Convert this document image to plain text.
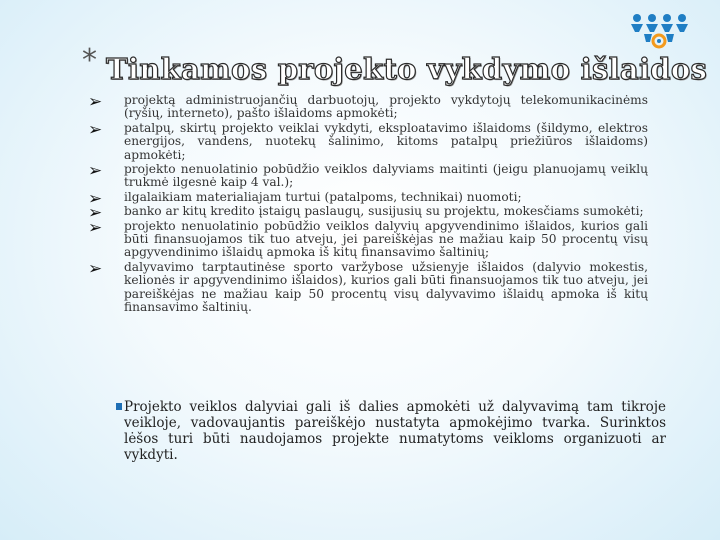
* Tinkamos projekto vykdymo išlaidos
➢ projektą administruojančių darbuotojų, projekto vykdytojų telekomunikacinėms (ryšių, interneto), pašto išlaidoms apmokėti;
➢ patalpų, skirtų projekto veiklai vykdyti, eksploatavimo išlaidoms (šildymo, elektros energijos, vandens, nuotekų šalinimo, kitoms patalpų priežiūros išlaidoms) apmokėti;
➢ projekto nenuolatinio pobūdžio veiklos dalyviams maitinti (jeigu planuojamų veiklų trukmė ilgesnė kaip 4 val.);
➢ ilgalaikiam materialiajam turtui (patalpoms, technikai) nuomoti;
➢ banko ar kitų kredito įstaigų paslaugų, susijusių su projektu, mokesčiams sumokėti;
➢ projekto nenuolatinio pobūdžio veiklos dalyvių apgyvendinimo išlaidos, kurios gali būti finansuojamos tik tuo atveju, jei pareiškėjas ne mažiau kaip 50 procentų visų apgyvendinimo išlaidų apmoka iš kitų finansavimo šaltinių;
➢ dalyvavimo tarptautinėse sporto varžybose užsienyje išlaidos (dalyvio mokestis, kelionės ir apgyvendinimo išlaidos), kurios gali būti finansuojamos tik tuo atveju, jei pareiškėjas ne mažiau kaip 50 procentų visų dalyvavimo išlaidų apmoka iš kitų finansavimo šaltinių.
Projekto veiklos dalyviai gali iš dalies apmokėti už dalyvavimą tam tikroje veikloje, vadovaujantis pareiškėjo nustatyta apmokėjimo tvarka. Surinktos lėšos turi būti naudojamos projekte numatytoms veikloms organizuoti ar vykdyti.
